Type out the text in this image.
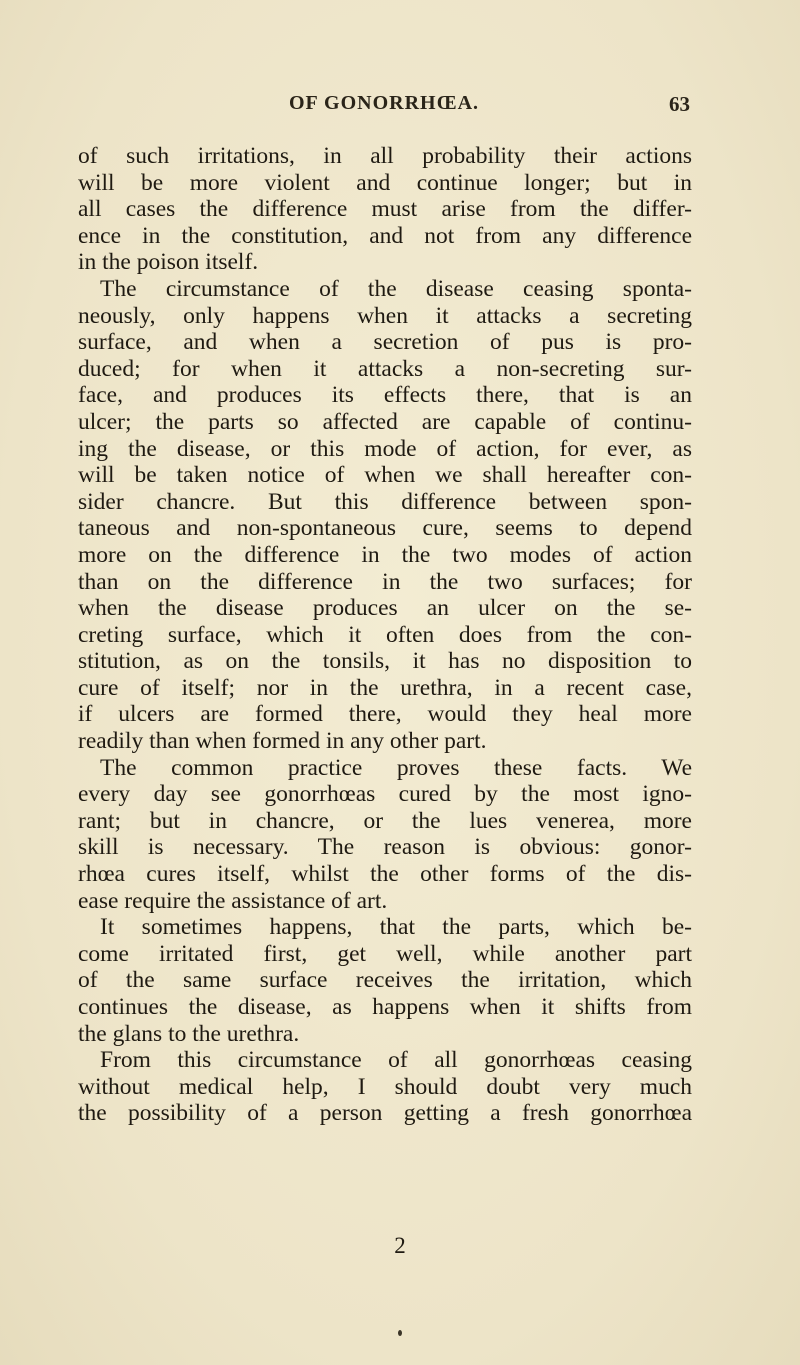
OF GONORRHŒA.	63
of such irritations, in all probability their actions
will be more violent and continue longer; but in
all cases the difference must arise from the differ-
ence in the constitution, and not from any difference
in the poison itself.
The circumstance of the disease ceasing sponta-
neously, only happens when it attacks a secreting
surface, and when a secretion of pus is pro-
duced; for when it attacks a non-secreting sur-
face, and produces its effects there, that is an
ulcer; the parts so affected are capable of continu-
ing the disease, or this mode of action, for ever, as
will be taken notice of when we shall hereafter con-
sider chancre. But this difference between spon-
taneous and non-spontaneous cure, seems to depend
more on the difference in the two modes of action
than on the difference in the two surfaces; for
when the disease produces an ulcer on the se-
creting surface, which it often does from the con-
stitution, as on the tonsils, it has no disposition to
cure of itself; nor in the urethra, in a recent case,
if ulcers are formed there, would they heal more
readily than when formed in any other part.
The common practice proves these facts. We
every day see gonorrhœas cured by the most igno-
rant; but in chancre, or the lues venerea, more
skill is necessary. The reason is obvious: gonor-
rhœa cures itself, whilst the other forms of the dis-
ease require the assistance of art.
It sometimes happens, that the parts, which be-
come irritated first, get well, while another part
of the same surface receives the irritation, which
continues the disease, as happens when it shifts from
the glans to the urethra.
From this circumstance of all gonorrhœas ceasing
without medical help, I should doubt very much
the possibility of a person getting a fresh gonorrhœa
2
